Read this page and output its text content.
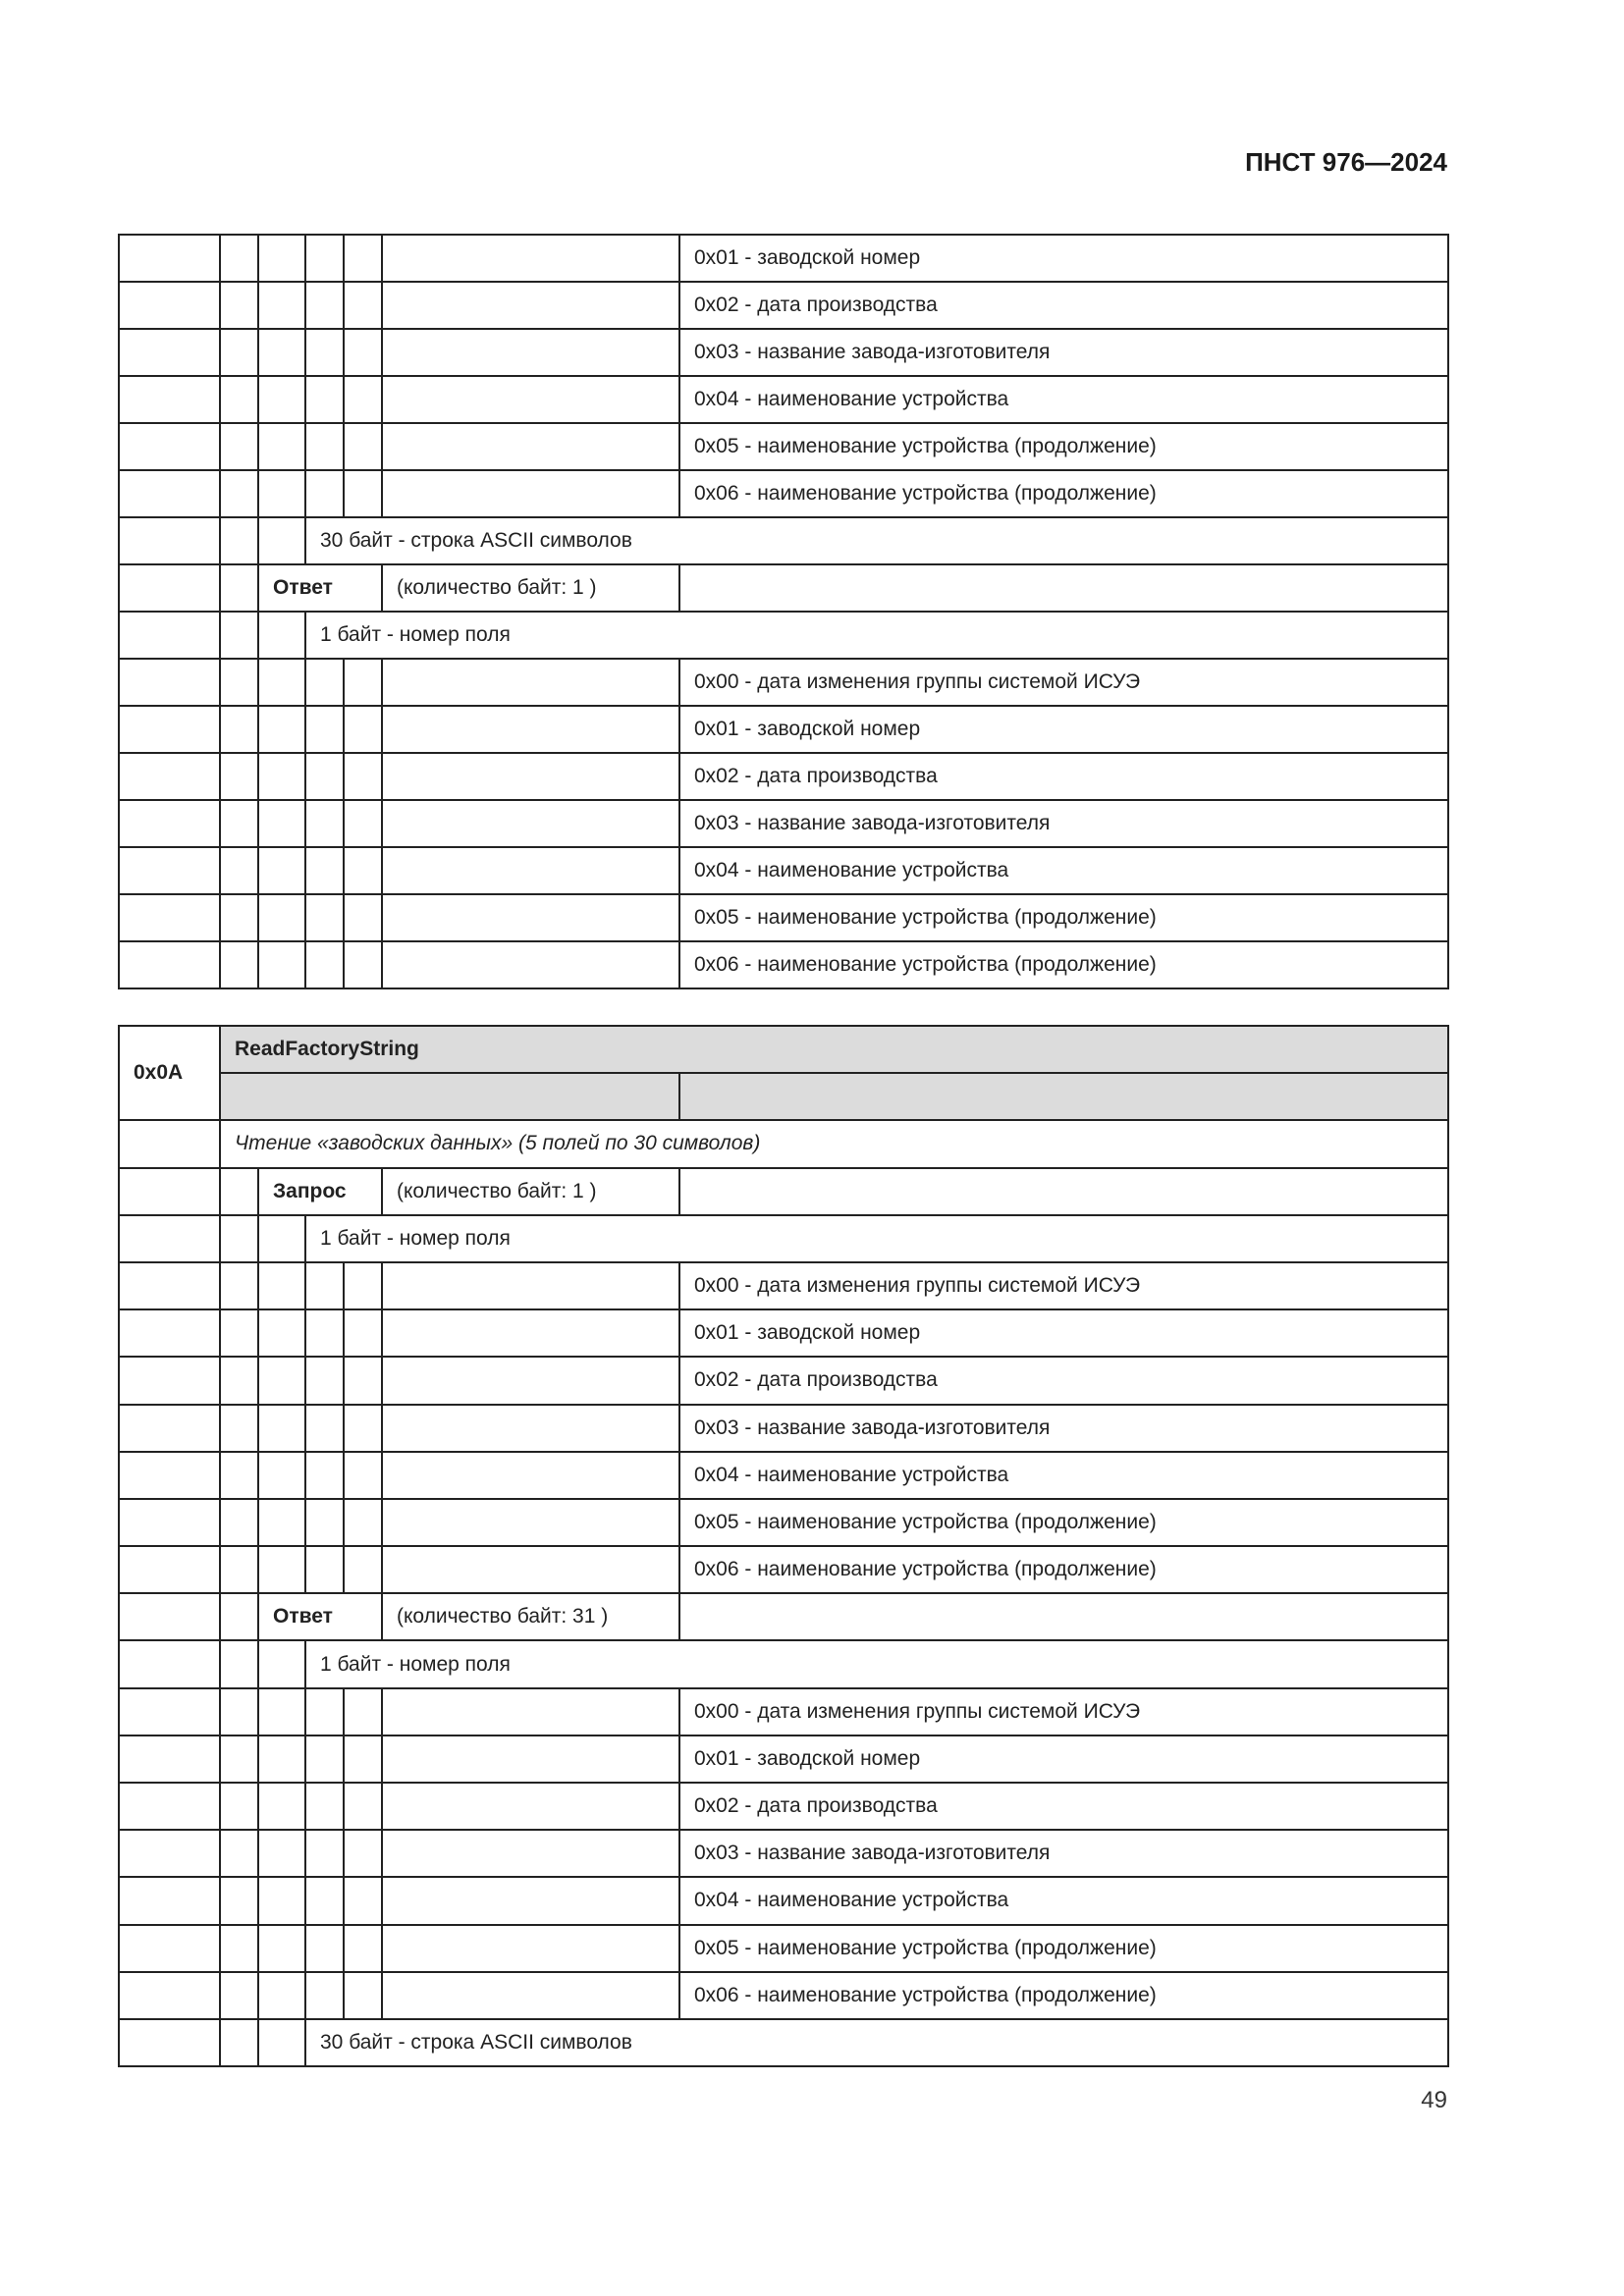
ПНСТ 976—2024
						0x01 - заводской номер
						0x02 - дата производства
						0x03 - название завода-изготовителя
						0x04 - наименование устройства
						0x05 - наименование устройства (продолжение)
						0x06 - наименование устройства (продолжение)
			30 байт - строка ASCII символов			
		Ответ			(количество байт: 1 )	
			1 байт - номер поля			
						0x00 - дата изменения группы системой ИСУЭ
						0x01 - заводской номер
						0x02 - дата производства
						0x03 - название завода-изготовителя
						0x04 - наименование устройства
						0x05 - наименование устройства (продолжение)
						0x06 - наименование устройства (продолжение)
0x0A	ReadFactoryString					

	Чтение «заводских данных» (5 полей по 30 символов)					
		Запрос			(количество байт: 1 )	
			1 байт - номер поля			
						0x00 - дата изменения группы системой ИСУЭ
						0x01 - заводской номер
						0x02 - дата производства
						0x03 - название завода-изготовителя
						0x04 - наименование устройства
						0x05 - наименование устройства (продолжение)
						0x06 - наименование устройства (продолжение)
		Ответ			(количество байт: 31 )	
			1 байт - номер поля			
						0x00 - дата изменения группы системой ИСУЭ
						0x01 - заводской номер
						0x02 - дата производства
						0x03 - название завода-изготовителя
						0x04 - наименование устройства
						0x05 - наименование устройства (продолжение)
						0x06 - наименование устройства (продолжение)
			30 байт - строка ASCII символов			
49
